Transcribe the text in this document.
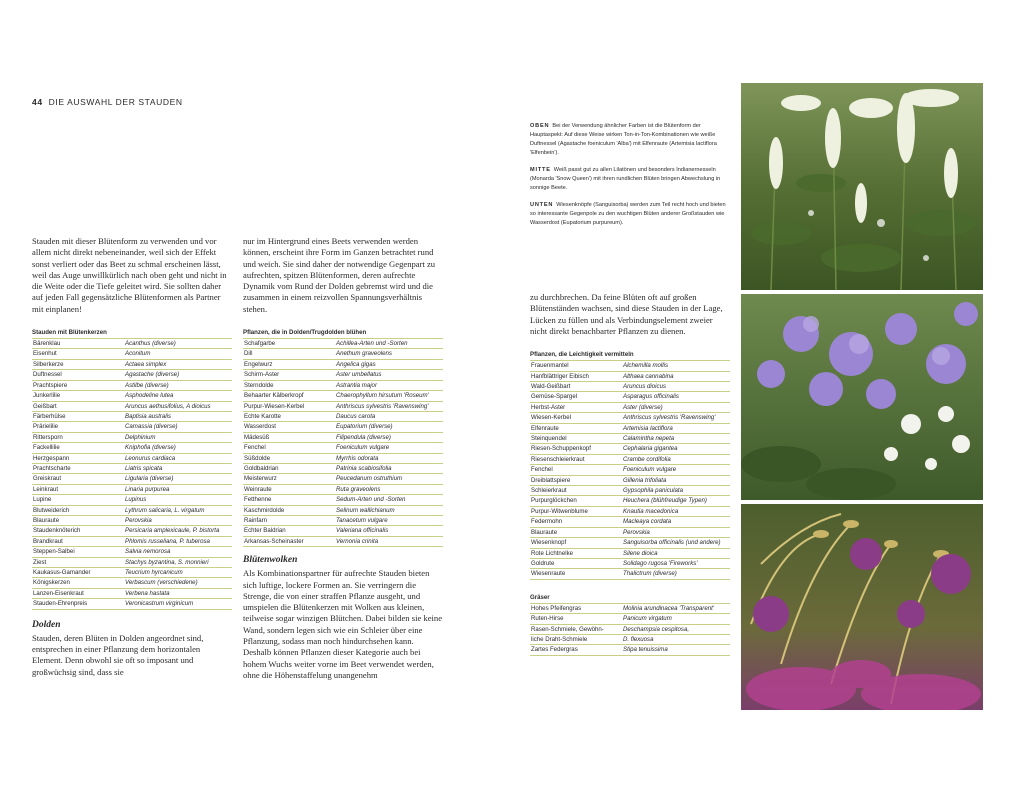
44 DIE AUSWAHL DER STAUDEN

Stauden mit dieser Blütenform zu verwenden und vor allem nicht direkt nebeneinander, weil sich der Effekt sonst verliert oder das Beet zu schmal erscheinen lässt, weil das Auge unwillkürlich nach oben geht und nicht in die Weite oder die Tiefe geleitet wird. Sie sollten daher auf jeden Fall gegensätzliche Blütenformen als Partner mit einplanen!

Stauden mit Blütenkerzen

Bärenklau	Acanthus (diverse)
Eisenhut	Aconitum
Silberkerze	Actaea simplex
Duftnessel	Agastache (diverse)
Prachtspiere	Astilbe (diverse)
Junkerlilie	Asphodeline lutea
Geißbart	Aruncus aethusifolius, A dioicus
Färberhülse	Baptisia australis
Prärielilie	Camassia (diverse)
Rittersporn	Delphinium
Fackellilie	Kniphofia (diverse)
Herzgespann	Leonurus cardiaca
Prachtscharte	Liatris spicata
Greiskraut	Ligularia (diverse)
Leinkraut	Linaria purpurea
Lupine	Lupinus
Blutweiderich	Lythrum salicaria, L. virgatum
Blauraute	Perovskia
Staudenknöterich	Persicaria amplexicaule, P. bistorta
Brandkraut	Phlomis russeliana, P. tuberosa
Steppen-Salbei	Salvia nemorosa
Ziest	Stachys byzantina, S. monnieri
Kaukasus-Gamander	Teucrium hyrcanicum
Königskerzen	Verbascum (verschiedene)
Lanzen-Eisenkraut	Verbena hastata
Stauden-Ehrenpreis	Veronicastrum virginicum
Dolden

Stauden, deren Blüten in Dolden angeordnet sind, entsprechen in einer Pflanzung dem horizontalen Element. Denn obwohl sie oft so imposant und großwüchsig sind, dass sie

nur im Hintergrund eines Beets verwenden werden können, erscheint ihre Form im Ganzen betrachtet rund und weich. Sie sind daher der notwendige Gegenpart zu aufrechten, spitzen Blütenformen, deren aufrechte Dynamik vom Rund der Dolden gebremst wird und die zusammen in einem reizvollen Spannungsverhältnis stehen.

Pflanzen, die in Dolden/Trugdolden blühen

Schafgarbe	Achillea-Arten und -Sorten
Dill	Anethum graveolens
Engelwurz	Angelica gigas
Schirm-Aster	Aster umbellatus
Sterndolde	Astrantia major
Behaarter Kälberkropf	Chaerophyllum hirsutum 'Roseum'
Purpur-Wiesen-Kerbel	Anthriscus sylvestris 'Ravenswing'
Echte Karotte	Daucus carota
Wasserdost	Eupatorium (diverse)
Mädesüß	Filipendula (diverse)
Fenchel	Foeniculum vulgare
Süßdolde	Myrrhis odorata
Goldbaldrian	Patrinia scabiosifolia
Meisterwurz	Peucedanum ostruthium
Weinraute	Ruta graveolens
Fetthenne	Sedum-Arten und -Sorten
Kaschmirdolde	Selinum wallichianum
Rainfarn	Tanacetum vulgare
Echter Baldrian	Valeriana officinalis
Arkansas-Scheinaster	Vernonia crinita
Blütenwolken

Als Kombinationspartner für aufrechte Stauden bieten sich luftige, lockere Formen an. Sie verringern die Strenge, die von einer straffen Pflanze ausgeht, und umspielen die Blütenkerzen mit Wolken aus kleinen, teilweise sogar winzigen Blütchen. Dabei bilden sie keine Wand, sondern legen sich wie ein Schleier über eine Pflanzung, sodass man noch hindurchsehen kann. Deshalb können Pflanzen dieser Kategorie auch bei hohem Wuchs weiter vorne im Beet verwendet werden, ohne die Höhenstaffelung unangenehm

OBEN Bei der Verwendung ähnlicher Farben ist die Blütenform der Hauptaspekt: Auf diese Weise wirken Ton-in-Ton-Kombinationen wie weiße Duftnessel (Agastache foeniculum 'Alba') mit Elfenraute (Artemisia lactiflora 'Elfenbein').

MITTE Weiß passt gut zu allen Lilatönen und besonders Indianernesseln (Monarda 'Snow Queen') mit ihren rundlichen Blüten bringen Abwechslung in sonnige Beete.

UNTEN Wiesenknöpfe (Sanguisorba) werden zum Teil recht hoch und bieten so interessante Gegenpole zu den wuchtigen Blüten anderer Großstauden wie Wasserdost (Eupatorium purpureum).

zu durchbrechen. Da feine Blüten oft auf großen Blütenständen wachsen, sind diese Stauden in der Lage, Lücken zu füllen und als Verbindungselement zweier nicht direkt benachbarter Pflanzen zu dienen.

Pflanzen, die Leichtigkeit vermitteln

Frauenmantel	Alchemilla mollis
Hanfblättriger Eibisch	Althaea cannabina
Wald-Geißbart	Aruncus dioicus
Gemüse-Spargel	Asparagus officinalis
Herbst-Aster	Aster (diverse)
Wiesen-Kerbel	Anthriscus sylvestris 'Ravenswing'
Elfenraute	Artemisia lactiflora
Steinquendel	Calamintha nepeta
Riesen-Schuppenkopf	Cephalaria gigantea
Riesenschleierkraut	Crambe cordifolia
Fenchel	Foeniculum vulgare
Dreiblattspiere	Gillenia trifoliata
Schleierkraut	Gypsophila paniculata
Purpurglöckchen	Heuchera (blühfreudige Typen)
Purpur-Witwenblume	Knautia macedonica
Federmohn	Macleaya cordata
Blauraute	Perovskia
Wiesenknopf	Sanguisorba officinalis (und andere)
Rote Lichtnelke	Silene dioica
Goldrute	Solidago rugosa 'Fireworks'
Wiesenraute	Thalictrum (diverse)

Gräser

Hohes Pfeifengras	Molinia arundinacea 'Transparent'
Ruten-Hirse	Panicum virgatum
Rasen-Schmiele, Gewöhn-	Deschampsia cespitosa,
liche Draht-Schmiele	D. flexuosa
Zartes Federgras	Stipa tenuissima
